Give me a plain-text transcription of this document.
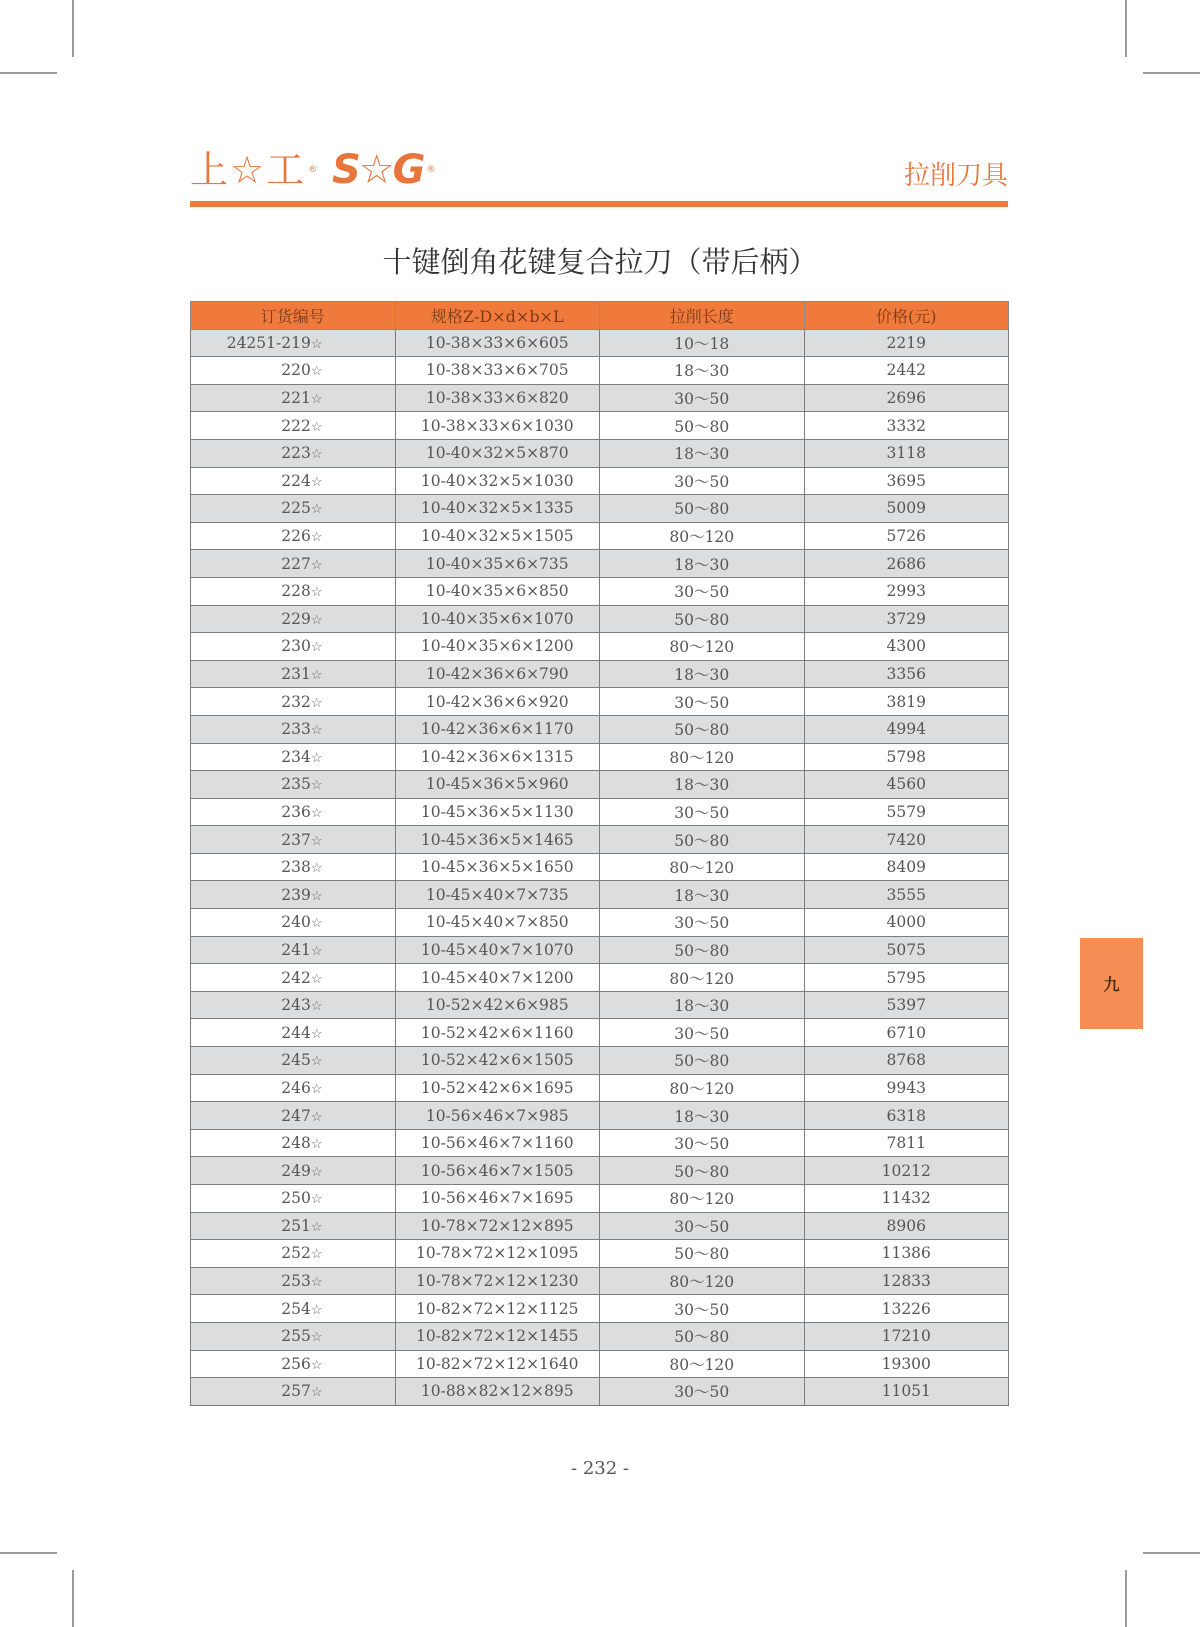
上☆工 ® S☆G ®	拉削刀具
十键倒角花键复合拉刀（带后柄）
订货编号	规格Z-D×d×b×L	拉削长度	价格(元)
24251-219☆	10-38×33×6×605	10～18	2219
220☆	10-38×33×6×705	18～30	2442
221☆	10-38×33×6×820	30～50	2696
222☆	10-38×33×6×1030	50～80	3332
223☆	10-40×32×5×870	18～30	3118
224☆	10-40×32×5×1030	30～50	3695
225☆	10-40×32×5×1335	50～80	5009
226☆	10-40×32×5×1505	80～120	5726
227☆	10-40×35×6×735	18～30	2686
228☆	10-40×35×6×850	30～50	2993
229☆	10-40×35×6×1070	50～80	3729
230☆	10-40×35×6×1200	80～120	4300
231☆	10-42×36×6×790	18～30	3356
232☆	10-42×36×6×920	30～50	3819
233☆	10-42×36×6×1170	50～80	4994
234☆	10-42×36×6×1315	80～120	5798
235☆	10-45×36×5×960	18～30	4560
236☆	10-45×36×5×1130	30～50	5579
237☆	10-45×36×5×1465	50～80	7420
238☆	10-45×36×5×1650	80～120	8409
239☆	10-45×40×7×735	18～30	3555
240☆	10-45×40×7×850	30～50	4000
241☆	10-45×40×7×1070	50～80	5075
242☆	10-45×40×7×1200	80～120	5795
243☆	10-52×42×6×985	18～30	5397
244☆	10-52×42×6×1160	30～50	6710
245☆	10-52×42×6×1505	50～80	8768
246☆	10-52×42×6×1695	80～120	9943
247☆	10-56×46×7×985	18～30	6318
248☆	10-56×46×7×1160	30～50	7811
249☆	10-56×46×7×1505	50～80	10212
250☆	10-56×46×7×1695	80～120	11432
251☆	10-78×72×12×895	30～50	8906
252☆	10-78×72×12×1095	50～80	11386
253☆	10-78×72×12×1230	80～120	12833
254☆	10-82×72×12×1125	30～50	13226
255☆	10-82×72×12×1455	50～80	17210
256☆	10-82×72×12×1640	80～120	19300
257☆	10-88×82×12×895	30～50	11051
- 232 -
九
